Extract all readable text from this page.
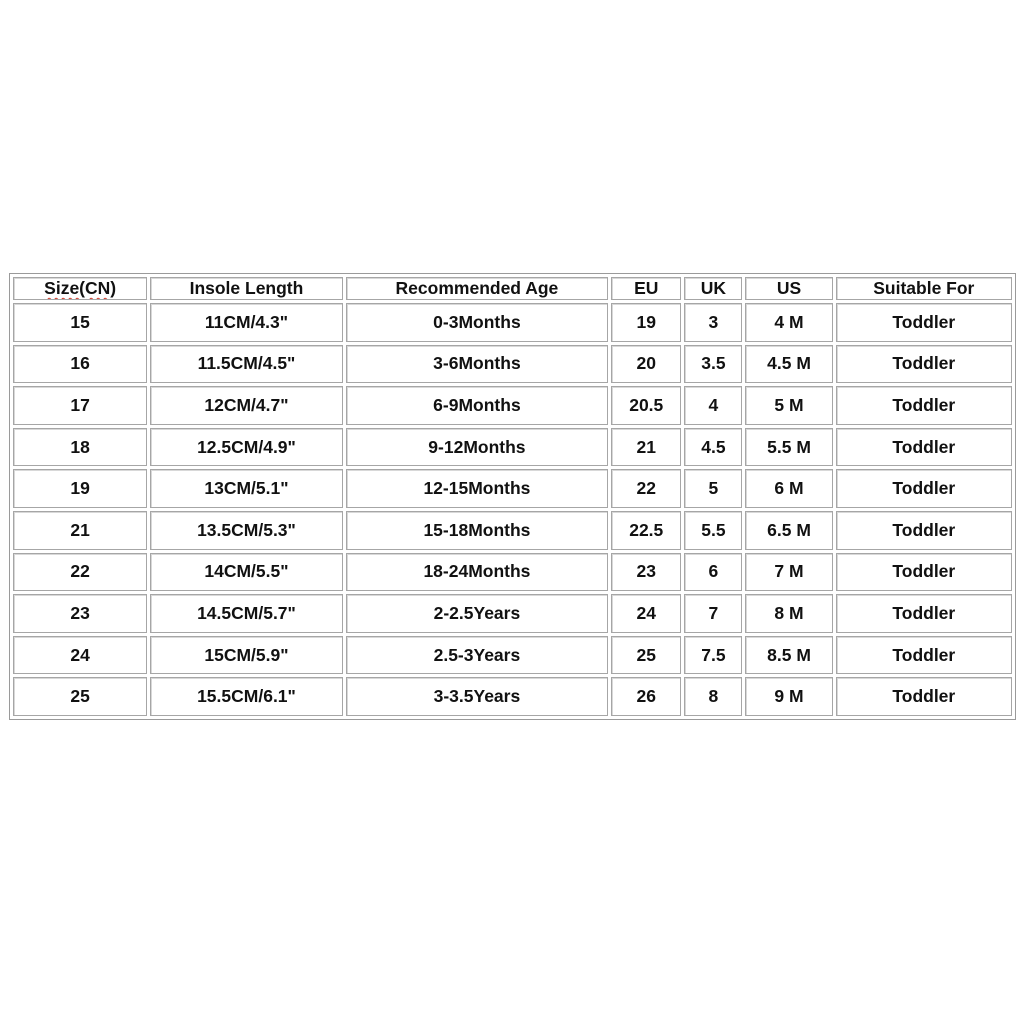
Size(CN)	Insole Length	Recommended Age	EU	UK	US	Suitable For
15	11CM/4.3"	0-3Months	19	3	4 M	Toddler
16	11.5CM/4.5"	3-6Months	20	3.5	4.5 M	Toddler
17	12CM/4.7"	6-9Months	20.5	4	5 M	Toddler
18	12.5CM/4.9"	9-12Months	21	4.5	5.5 M	Toddler
19	13CM/5.1"	12-15Months	22	5	6 M	Toddler
21	13.5CM/5.3"	15-18Months	22.5	5.5	6.5 M	Toddler
22	14CM/5.5"	18-24Months	23	6	7 M	Toddler
23	14.5CM/5.7"	2-2.5Years	24	7	8 M	Toddler
24	15CM/5.9"	2.5-3Years	25	7.5	8.5 M	Toddler
25	15.5CM/6.1"	3-3.5Years	26	8	9 M	Toddler
